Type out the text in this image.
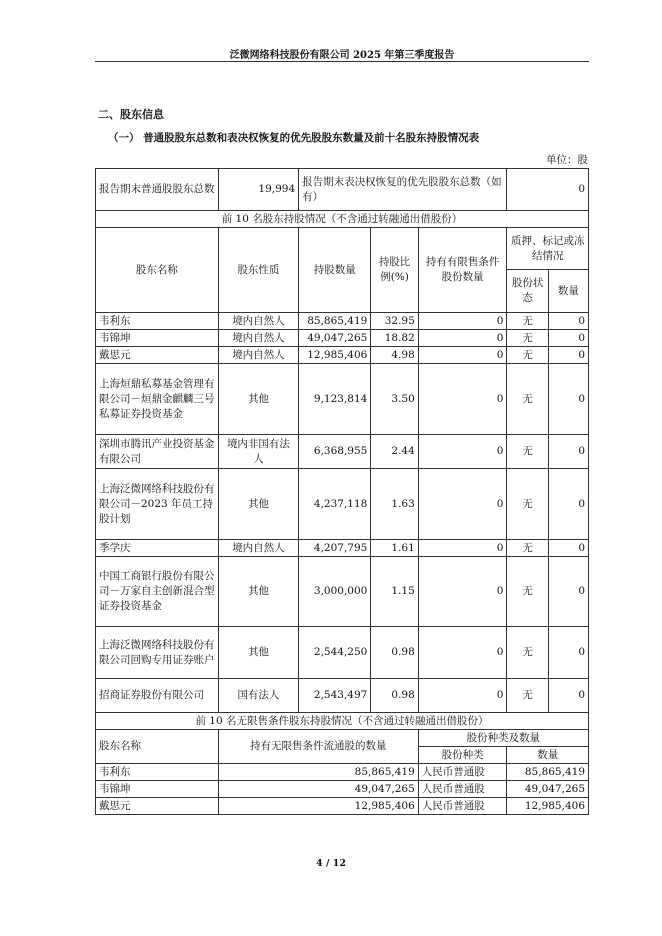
泛微网络科技股份有限公司 2025 年第三季度报告
二、股东信息
（一） 普通股股东总数和表决权恢复的优先股股东数量及前十名股东持股情况表
单位：股
报告期末普通股股东总数	19,994	报告期末表决权恢复的优先股股东总数（如有）			0	
前 10 名股东持股情况（不含通过转融通出借股份）						
股东名称	股东性质	持股数量	持股比例(%)	持有有限售条件股份数量	质押、标记或冻结情况	
					股份状态	数量
韦利东	境内自然人	85,865,419	32.95	0	无	0
韦锦坤	境内自然人	49,047,265	18.82	0	无	0
戴思元	境内自然人	12,985,406	4.98	0	无	0
上海烜鼎私募基金管理有限公司－烜鼎金麒麟三号私募证券投资基金	其他	9,123,814	3.50	0	无	0
深圳市腾讯产业投资基金有限公司	境内非国有法人	6,368,955	2.44	0	无	0
上海泛微网络科技股份有限公司－2023 年员工持股计划	其他	4,237,118	1.63	0	无	0
季学庆	境内自然人	4,207,795	1.61	0	无	0
中国工商银行股份有限公司－万家自主创新混合型证券投资基金	其他	3,000,000	1.15	0	无	0
上海泛微网络科技股份有限公司回购专用证券账户	其他	2,544,250	0.98	0	无	0
招商证券股份有限公司	国有法人	2,543,497	0.98	0	无	0
前 10 名无限售条件股东持股情况（不含通过转融通出借股份）						
股东名称	持有无限售条件流通股的数量			股份种类及数量		
				股份种类	数量	
韦利东	85,865,419			人民币普通股	85,865,419	
韦锦坤	49,047,265			人民币普通股	49,047,265	
戴思元	12,985,406			人民币普通股	12,985,406	
4 / 12
